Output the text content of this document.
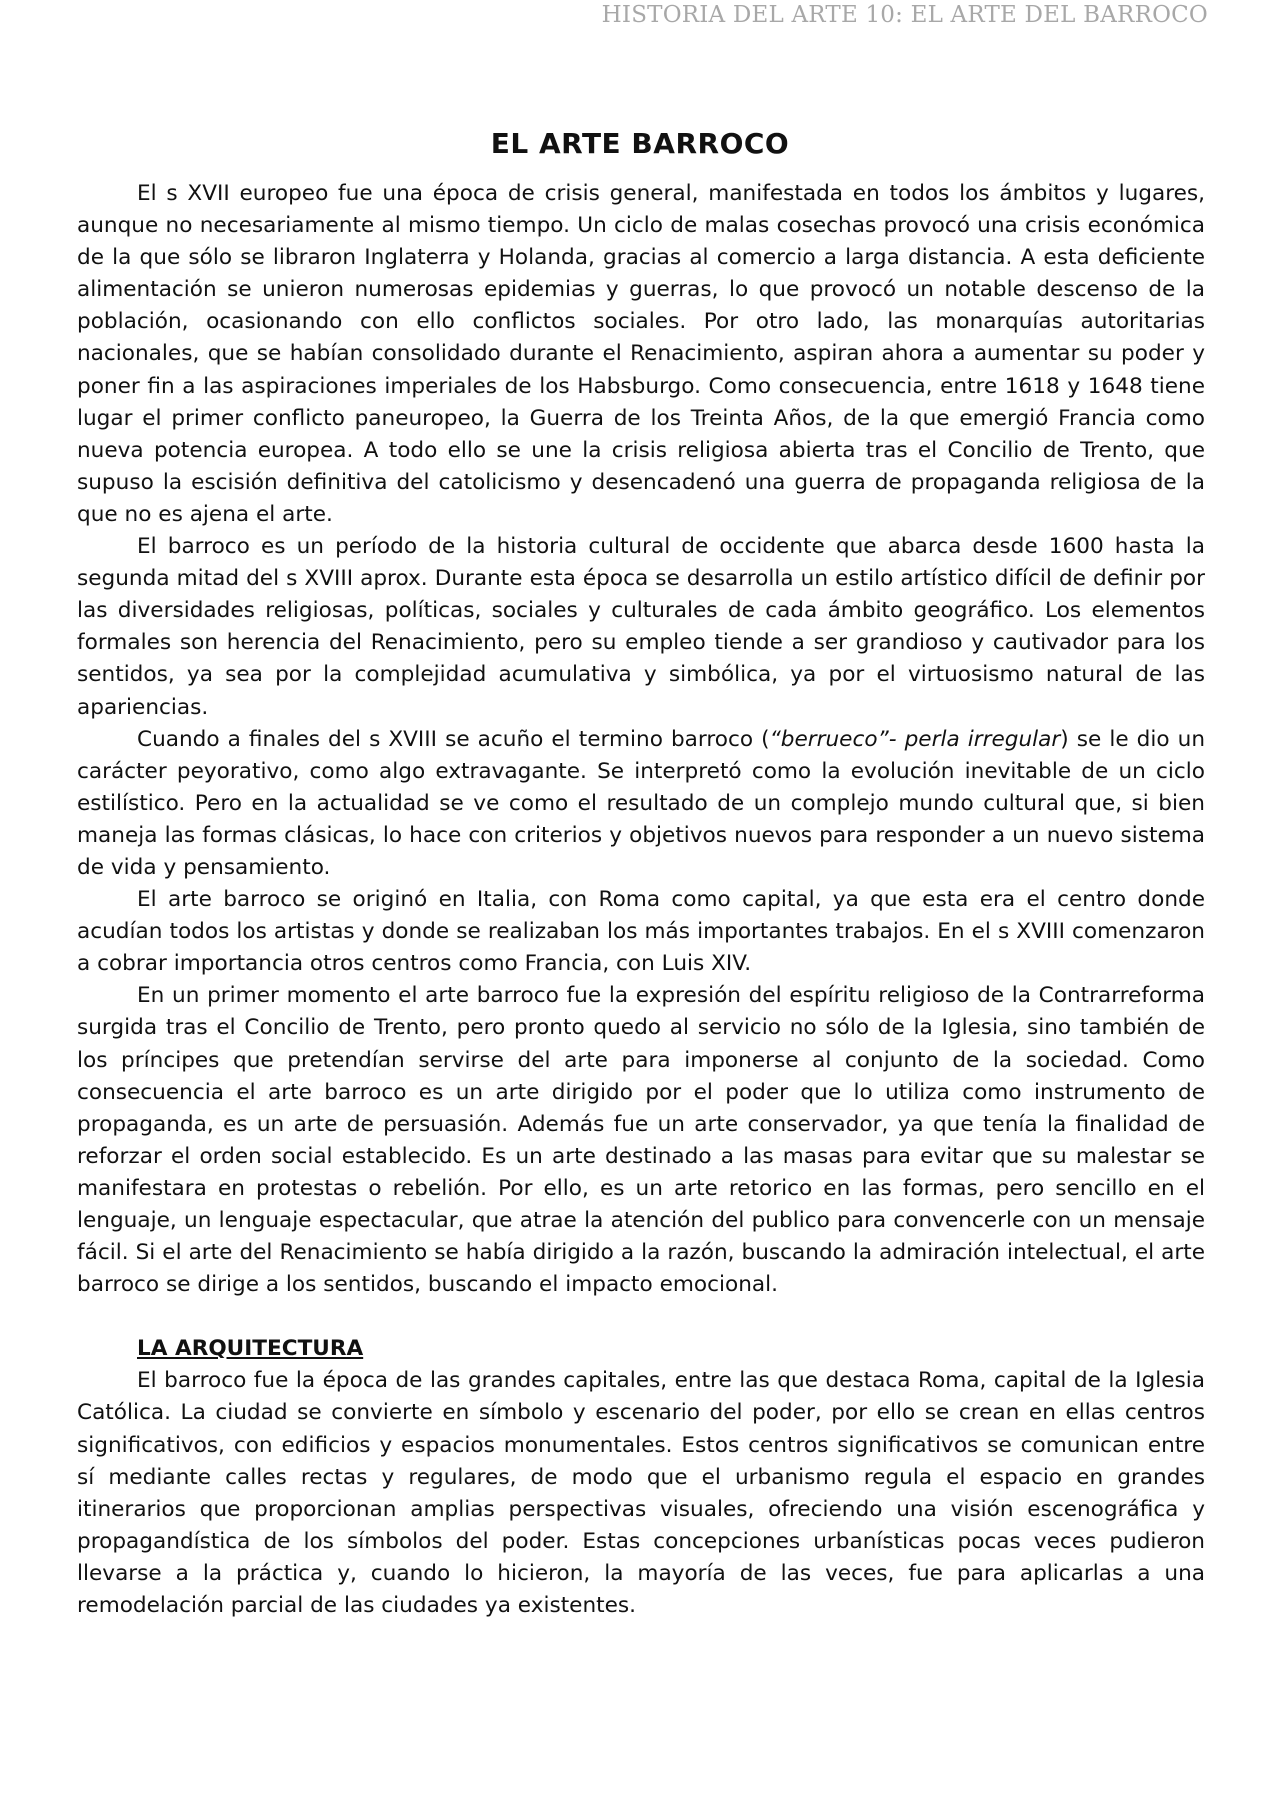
HISTORIA DEL ARTE 10: EL ARTE DEL BARROCO
EL ARTE BARROCO

El s XVII europeo fue una época de crisis general, manifestada en todos los ámbitos y lugares, aunque no necesariamente al mismo tiempo. Un ciclo de malas cosechas provocó una crisis económica de la que sólo se libraron Inglaterra y Holanda, gracias al comercio a larga distancia. A esta deficiente alimentación se unieron numerosas epidemias y guerras, lo que provocó un notable descenso de la población, ocasionando con ello conflictos sociales. Por otro lado, las monarquías autoritarias nacionales, que se habían consolidado durante el Renacimiento, aspiran ahora a aumentar su poder y poner fin a las aspiraciones imperiales de los Habsburgo. Como consecuencia, entre 1618 y 1648 tiene lugar el primer conflicto paneuropeo, la Guerra de los Treinta Años, de la que emergió Francia como nueva potencia europea. A todo ello se une la crisis religiosa abierta tras el Concilio de Trento, que supuso la escisión definitiva del catolicismo y desencadenó una guerra de propaganda religiosa de la que no es ajena el arte.

El barroco es un período de la historia cultural de occidente que abarca desde 1600 hasta la segunda mitad del s XVIII aprox. Durante esta época se desarrolla un estilo artístico difícil de definir por las diversidades religiosas, políticas, sociales y culturales de cada ámbito geográfico. Los elementos formales son herencia del Renacimiento, pero su empleo tiende a ser grandioso y cautivador para los sentidos, ya sea por la complejidad acumulativa y simbólica, ya por el virtuosismo natural de las apariencias.

Cuando a finales del s XVIII se acuño el termino barroco (“berrueco”- perla irregular) se le dio un carácter peyorativo, como algo extravagante. Se interpretó como la evolución inevitable de un ciclo estilístico. Pero en la actualidad se ve como el resultado de un complejo mundo cultural que, si bien maneja las formas clásicas, lo hace con criterios y objetivos nuevos para responder a un nuevo sistema de vida y pensamiento.

El arte barroco se originó en Italia, con Roma como capital, ya que esta era el centro donde acudían todos los artistas y donde se realizaban los más importantes trabajos. En el s XVIII comenzaron a cobrar importancia otros centros como Francia, con Luis XIV.

En un primer momento el arte barroco fue la expresión del espíritu religioso de la Contrarreforma surgida tras el Concilio de Trento, pero pronto quedo al servicio no sólo de la Iglesia, sino también de los príncipes que pretendían servirse del arte para imponerse al conjunto de la sociedad. Como consecuencia el arte barroco es un arte dirigido por el poder que lo utiliza como instrumento de propaganda, es un arte de persuasión. Además fue un arte conservador, ya que tenía la finalidad de reforzar el orden social establecido. Es un arte destinado a las masas para evitar que su malestar se manifestara en protestas o rebelión. Por ello, es un arte retorico en las formas, pero sencillo en el lenguaje, un lenguaje espectacular, que atrae la atención del publico para convencerle con un mensaje fácil. Si el arte del Renacimiento se había dirigido a la razón, buscando la admiración intelectual, el arte barroco se dirige a los sentidos, buscando el impacto emocional.

LA ARQUITECTURA

El barroco fue la época de las grandes capitales, entre las que destaca Roma, capital de la Iglesia Católica. La ciudad se convierte en símbolo y escenario del poder, por ello se crean en ellas centros significativos, con edificios y espacios monumentales. Estos centros significativos se comunican entre sí mediante calles rectas y regulares, de modo que el urbanismo regula el espacio en grandes itinerarios que proporcionan amplias perspectivas visuales, ofreciendo una visión escenográfica y propagandística de los símbolos del poder. Estas concepciones urbanísticas pocas veces pudieron llevarse a la práctica y, cuando lo hicieron, la mayoría de las veces, fue para aplicarlas a una remodelación parcial de las ciudades ya existentes.
